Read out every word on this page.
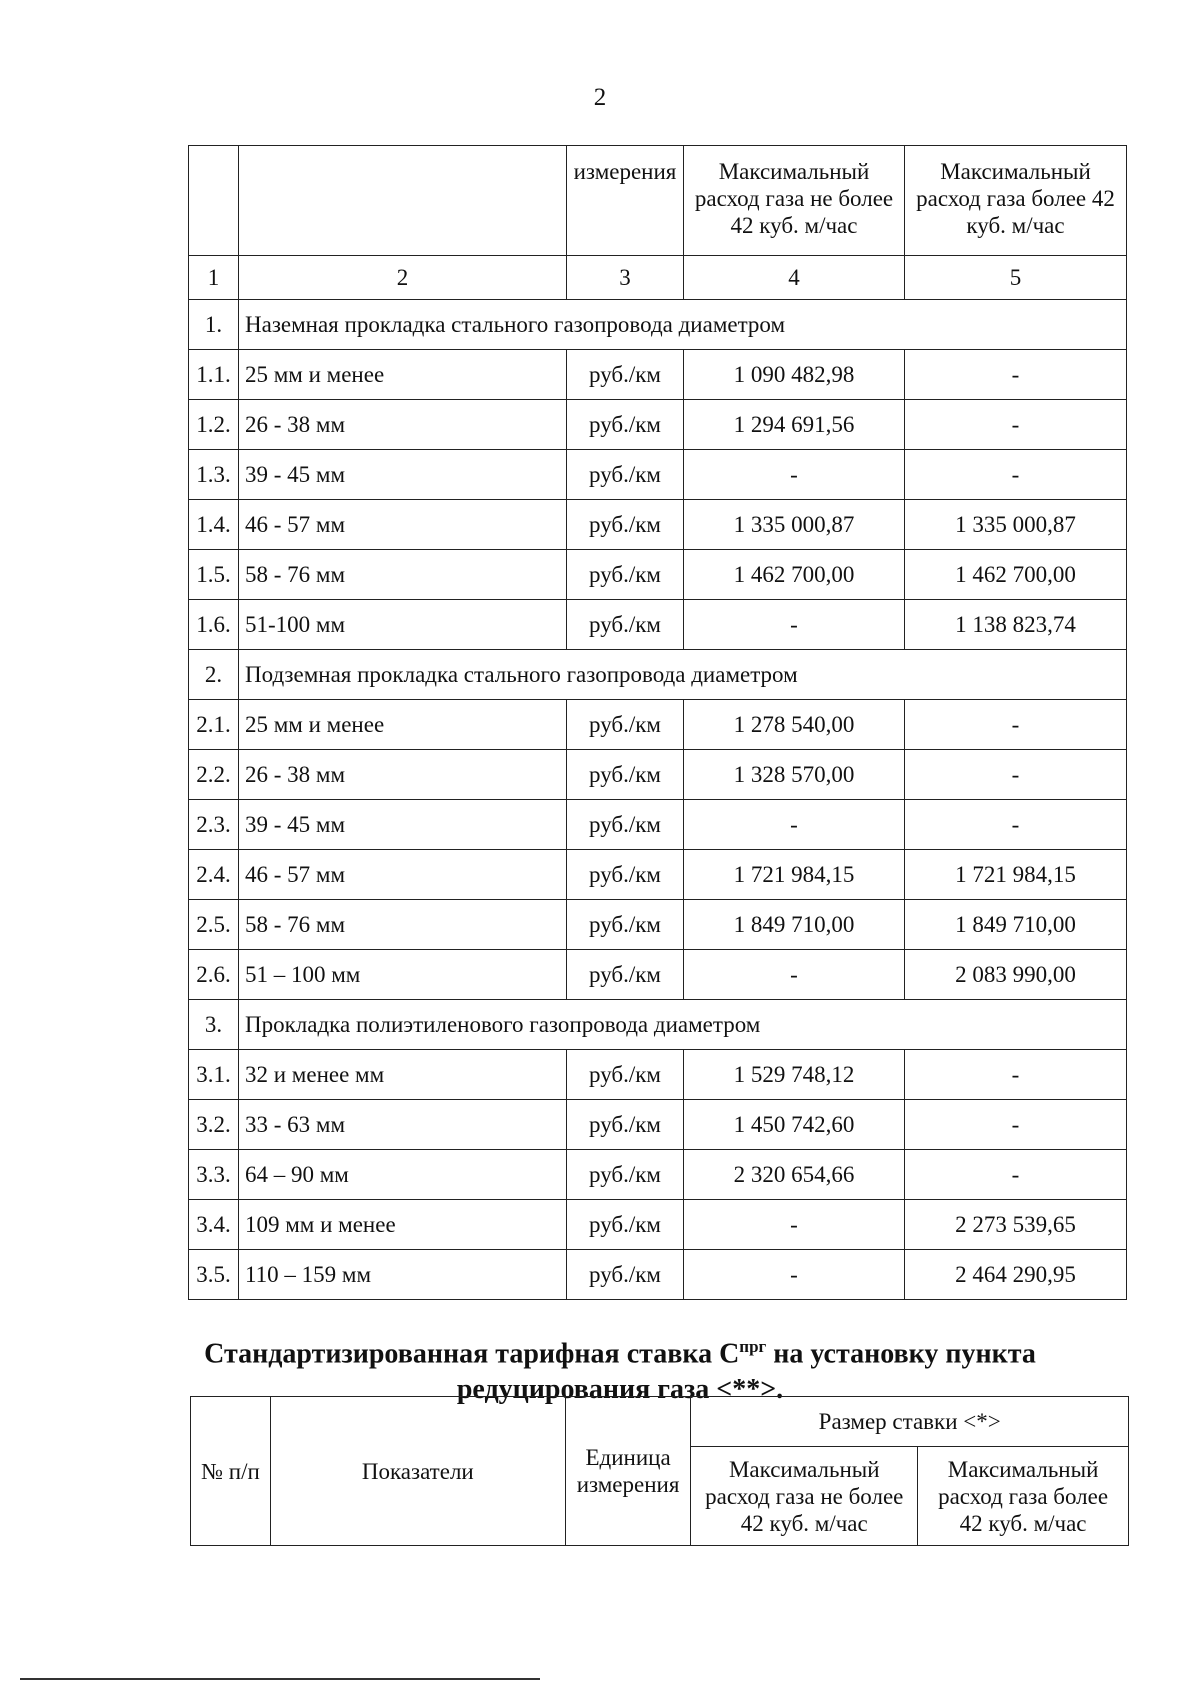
2
		измерения	Максимальный расход газа не более 42 куб. м/час	Максимальный расход газа более 42 куб. м/час
1	2	3	4	5
1.	Наземная прокладка стального газопровода диаметром			
1.1.	25 мм и менее	руб./км	1 090 482,98	-
1.2.	26 - 38 мм	руб./км	1 294 691,56	-
1.3.	39 - 45 мм	руб./км	-	-
1.4.	46 - 57 мм	руб./км	1 335 000,87	1 335 000,87
1.5.	58 - 76 мм	руб./км	1 462 700,00	1 462 700,00
1.6.	51-100 мм	руб./км	-	1 138 823,74
2.	Подземная прокладка стального газопровода диаметром			
2.1.	25 мм и менее	руб./км	1 278 540,00	-
2.2.	26 - 38 мм	руб./км	1 328 570,00	-
2.3.	39 - 45 мм	руб./км	-	-
2.4.	46 - 57 мм	руб./км	1 721 984,15	1 721 984,15
2.5.	58 - 76 мм	руб./км	1 849 710,00	1 849 710,00
2.6.	51 – 100 мм	руб./км	-	2 083 990,00
3.	Прокладка полиэтиленового газопровода диаметром			
3.1.	32 и менее мм	руб./км	1 529 748,12	-
3.2.	33 - 63 мм	руб./км	1 450 742,60	-
3.3.	64 – 90 мм	руб./км	2 320 654,66	-
3.4.	109 мм и менее	руб./км	-	2 273 539,65
3.5.	110 – 159 мм	руб./км	-	2 464 290,95
Стандартизированная тарифная ставка $С^{прг}$ на установку пункта редуцирования газа <**>.
№ п/п	Показатели	Единица измерения	Размер ставки <*>	
			Максимальный расход газа не более 42 куб. м/час	Максимальный расход газа более 42 куб. м/час
